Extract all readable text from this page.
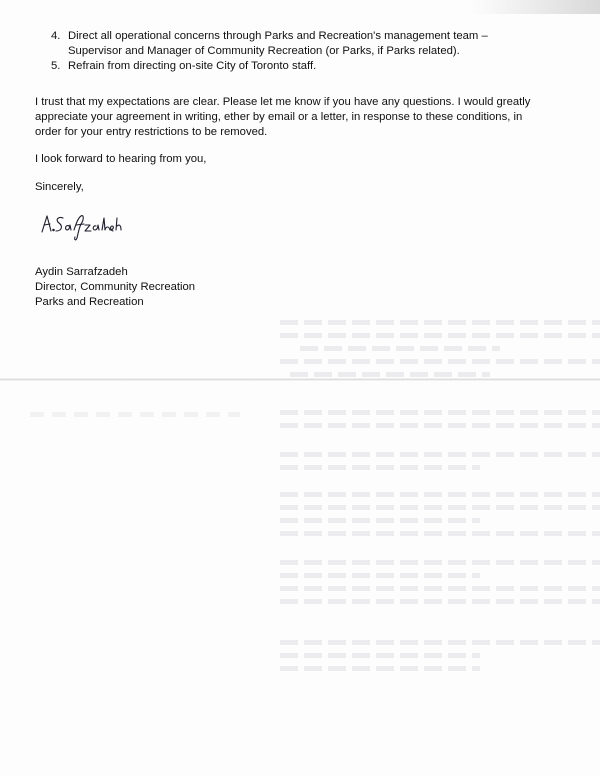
4. Direct all operational concerns through Parks and Recreation's management team –
Supervisor and Manager of Community Recreation (or Parks, if Parks related).
5. Refrain from directing on-site City of Toronto staff.

I trust that my expectations are clear. Please let me know if you have any questions. I would greatly

appreciate your agreement in writing, ether by email or a letter, in response to these conditions, in

order for your entry restrictions to be removed.

I look forward to hearing from you,

Sincerely,

Aydin Sarrafzadeh

Director, Community Recreation

Parks and Recreation
